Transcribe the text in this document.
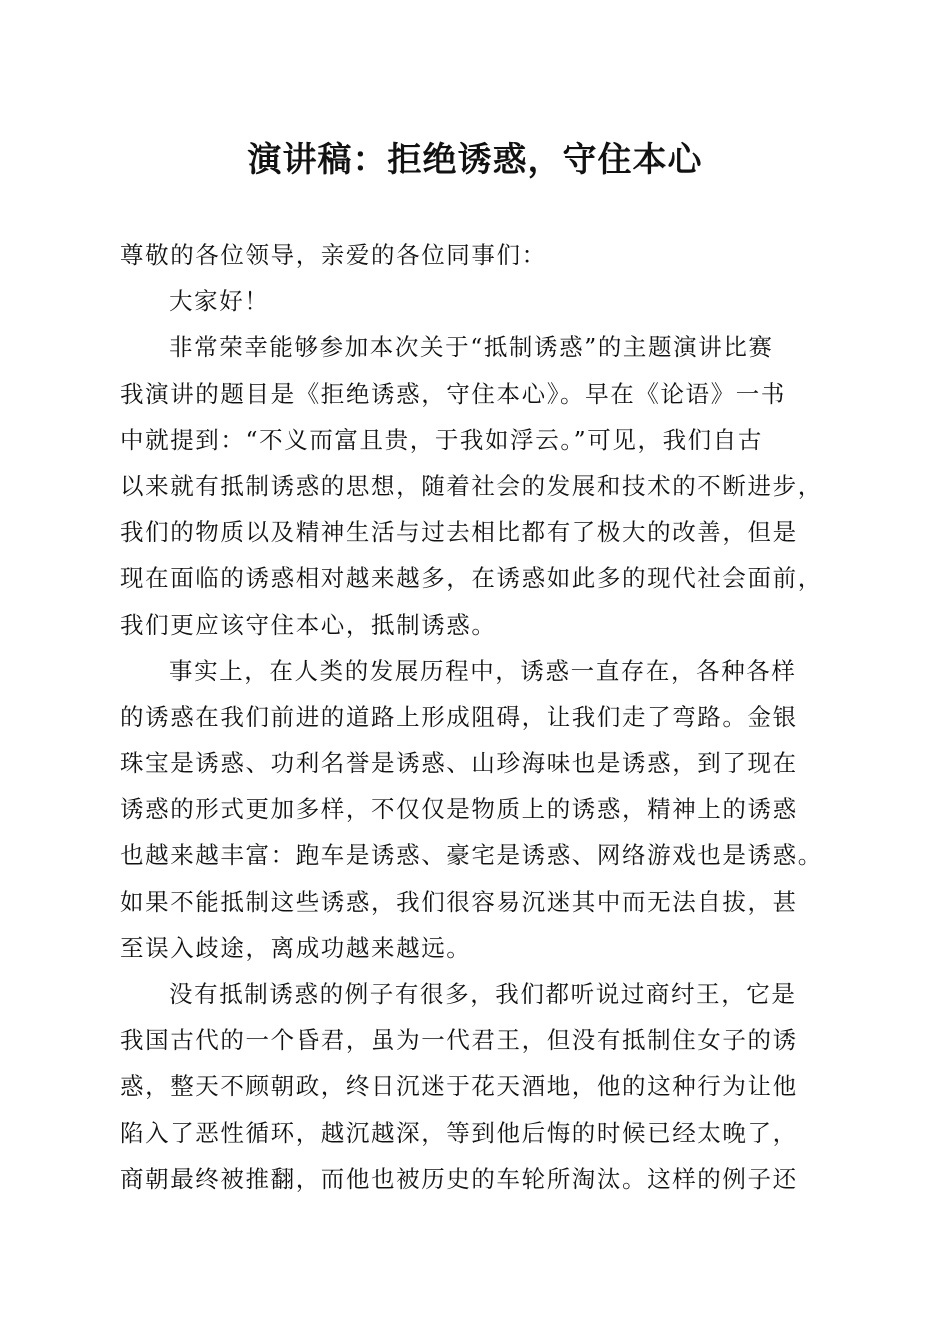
演讲稿：拒绝诱惑，守住本心
尊敬的各位领导，亲爱的各位同事们：
大家好！
非常荣幸能够参加本次关于“抵制诱惑”的主题演讲比赛
我演讲的题目是《拒绝诱惑，守住本心》。早在《论语》一书
中就提到：“不义而富且贵，于我如浮云。”可见，我们自古
以来就有抵制诱惑的思想，随着社会的发展和技术的不断进步，
我们的物质以及精神生活与过去相比都有了极大的改善，但是
现在面临的诱惑相对越来越多，在诱惑如此多的现代社会面前，
我们更应该守住本心，抵制诱惑。
事实上，在人类的发展历程中，诱惑一直存在，各种各样
的诱惑在我们前进的道路上形成阻碍，让我们走了弯路。金银
珠宝是诱惑、功利名誉是诱惑、山珍海味也是诱惑，到了现在
诱惑的形式更加多样，不仅仅是物质上的诱惑，精神上的诱惑
也越来越丰富：跑车是诱惑、豪宅是诱惑、网络游戏也是诱惑。
如果不能抵制这些诱惑，我们很容易沉迷其中而无法自拔，甚
至误入歧途，离成功越来越远。
没有抵制诱惑的例子有很多，我们都听说过商纣王，它是
我国古代的一个昏君，虽为一代君王，但没有抵制住女子的诱
惑，整天不顾朝政，终日沉迷于花天酒地，他的这种行为让他
陷入了恶性循环，越沉越深，等到他后悔的时候已经太晚了，
商朝最终被推翻，而他也被历史的车轮所淘汰。这样的例子还
